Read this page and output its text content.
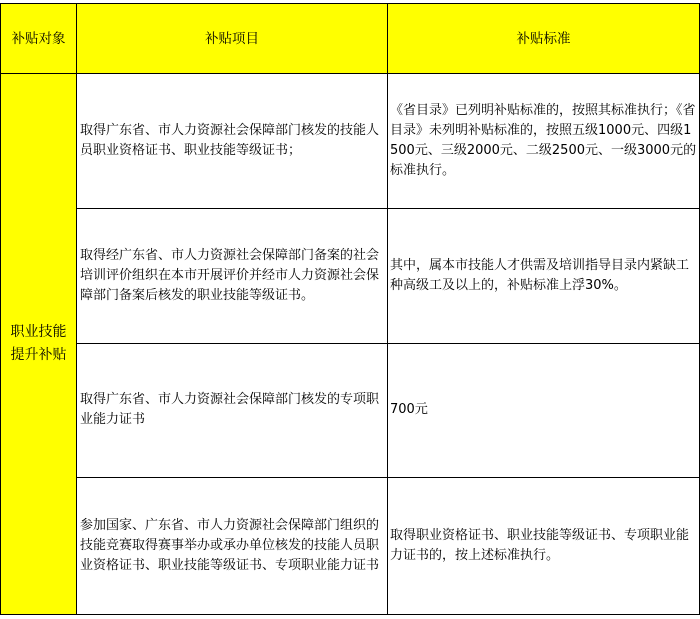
补贴对象	补贴项目	补贴标准

职业技能提升补贴	取得广东省、市人力资源社会保障部门核发的技能人员职业资格证书、职业技能等级证书；	《省目录》已列明补贴标准的，按照其标准执行；《省目录》未列明补贴标准的，按照五级1000元、四级1500元、三级2000元、二级2500元、一级3000元的标准执行。
	取得经广东省、市人力资源社会保障部门备案的社会培训评价组织在本市开展评价并经市人力资源社会保障部门备案后核发的职业技能等级证书。	其中，属本市技能人才供需及培训指导目录内紧缺工种高级工及以上的，补贴标准上浮30%。
	取得广东省、市人力资源社会保障部门核发的专项职业能力证书	700元
	参加国家、广东省、市人力资源社会保障部门组织的技能竞赛取得赛事举办或承办单位核发的技能人员职业资格证书、职业技能等级证书、专项职业能力证书	取得职业资格证书、职业技能等级证书、专项职业能力证书的，按上述标准执行。
